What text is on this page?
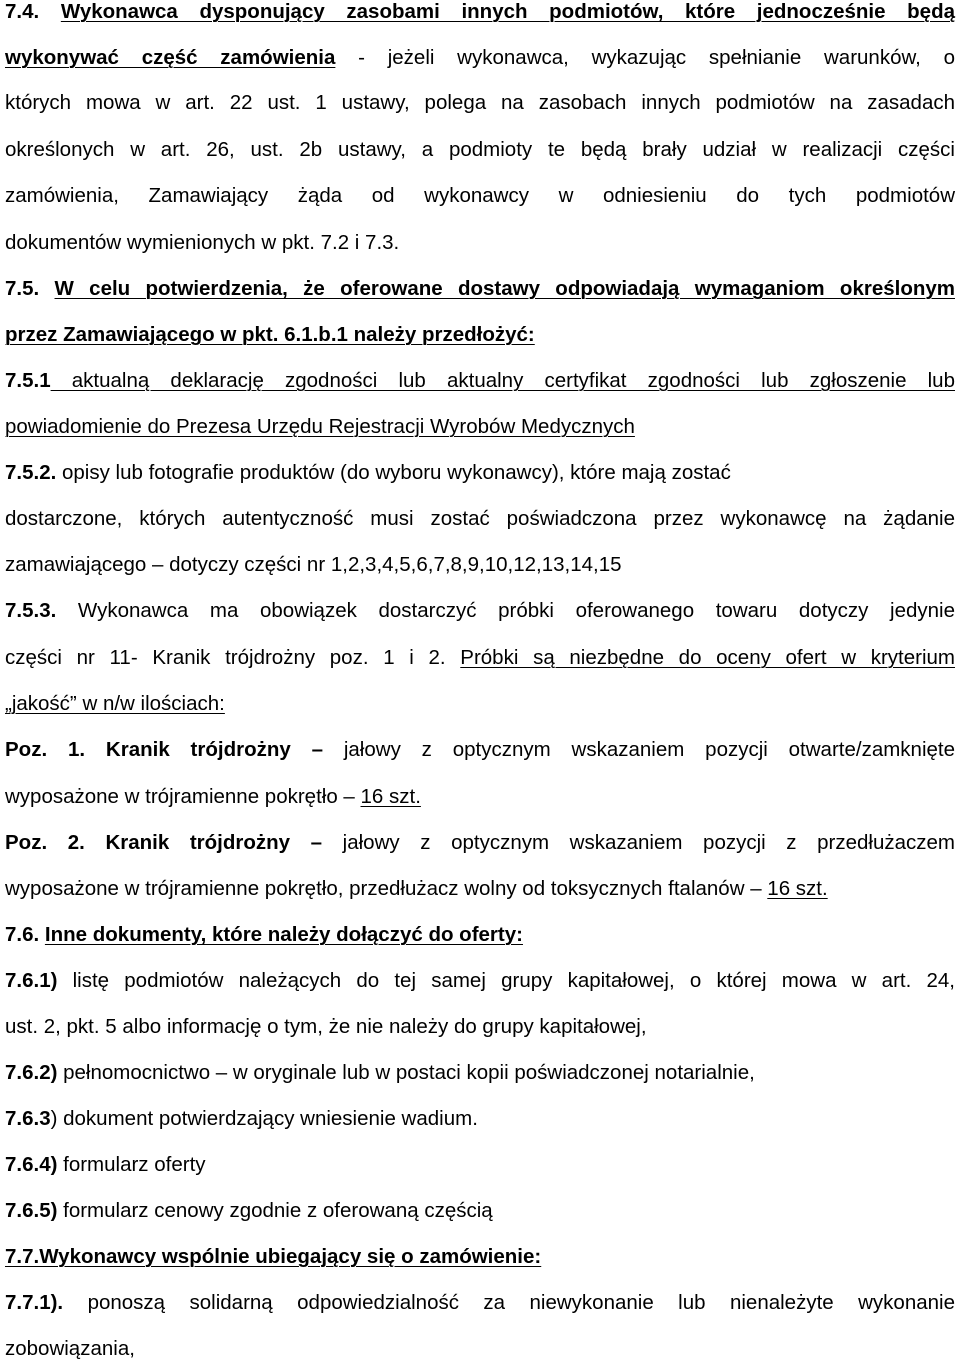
7.4. Wykonawca dysponujący zasobami innych podmiotów, które jednocześnie będą
wykonywać część zamówienia - jeżeli wykonawca, wykazując spełnianie warunków, o
których mowa w art. 22 ust. 1 ustawy, polega na zasobach innych podmiotów na zasadach
określonych w art. 26, ust. 2b ustawy, a podmioty te będą brały udział w realizacji części
zamówienia, Zamawiający żąda od wykonawcy w odniesieniu do tych podmiotów
dokumentów wymienionych w pkt. 7.2 i 7.3.
7.5. W celu potwierdzenia, że oferowane dostawy odpowiadają wymaganiom określonym
przez Zamawiającego w pkt. 6.1.b.1 należy przedłożyć:
7.5.1 aktualną deklarację zgodności lub aktualny certyfikat zgodności lub zgłoszenie lub
powiadomienie do Prezesa Urzędu Rejestracji Wyrobów Medycznych
7.5.2. opisy lub fotografie produktów (do wyboru wykonawcy), które mają zostać
dostarczone, których autentyczność musi zostać poświadczona przez wykonawcę na żądanie
zamawiającego – dotyczy części nr 1,2,3,4,5,6,7,8,9,10,12,13,14,15
7.5.3. Wykonawca ma obowiązek dostarczyć próbki oferowanego towaru dotyczy jedynie
części nr 11- Kranik trójdrożny poz. 1 i 2. Próbki są niezbędne do oceny ofert w kryterium
„jakość” w n/w ilościach:
Poz. 1. Kranik trójdrożny – jałowy z optycznym wskazaniem pozycji otwarte/zamknięte
wyposażone w trójramienne pokrętło – 16 szt.
Poz. 2. Kranik trójdrożny – jałowy z optycznym wskazaniem pozycji z przedłużaczem
wyposażone w trójramienne pokrętło, przedłużacz wolny od toksycznych ftalanów – 16 szt.
7.6. Inne dokumenty, które należy dołączyć do oferty:
7.6.1) listę podmiotów należących do tej samej grupy kapitałowej, o której mowa w art. 24,
ust. 2, pkt. 5 albo informację o tym, że nie należy do grupy kapitałowej,
7.6.2) pełnomocnictwo – w oryginale lub w postaci kopii poświadczonej notarialnie,
7.6.3) dokument potwierdzający wniesienie wadium.
7.6.4) formularz oferty
7.6.5) formularz cenowy zgodnie z oferowaną częścią
7.7.Wykonawcy wspólnie ubiegający się o zamówienie:
7.7.1). ponoszą solidarną odpowiedzialność za niewykonanie lub nienależyte wykonanie
zobowiązania,
